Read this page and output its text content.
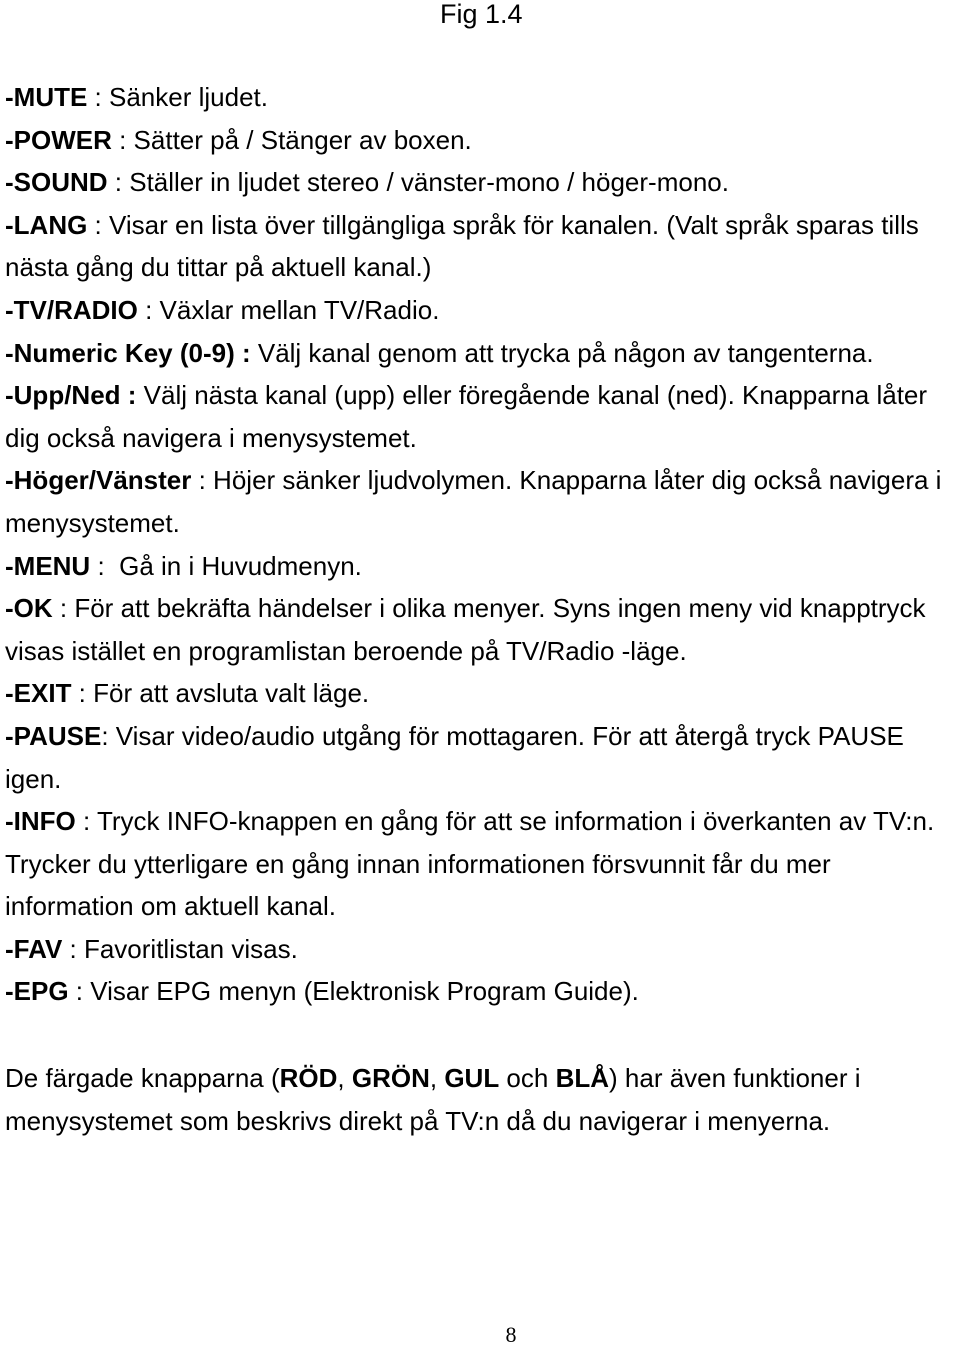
Fig 1.4

-MUTE : Sänker ljudet.

-POWER : Sätter på / Stänger av boxen.

-SOUND : Ställer in ljudet stereo / vänster-mono / höger-mono.

-LANG : Visar en lista över tillgängliga språk för kanalen. (Valt språk sparas tills nästa gång du tittar på aktuell kanal.)

-TV/RADIO : Växlar mellan TV/Radio.

-Numeric Key (0-9) : Välj kanal genom att trycka på någon av tangenterna.

-Upp/Ned : Välj nästa kanal (upp) eller föregående kanal (ned). Knapparna låter dig också navigera i menysystemet.

-Höger/Vänster : Höjer sänker ljudvolymen. Knapparna låter dig också navigera i menysystemet.

-MENU :  Gå in i Huvudmenyn.

-OK : För att bekräfta händelser i olika menyer. Syns ingen meny vid knapptryck visas istället en programlistan beroende på TV/Radio -läge.

-EXIT : För att avsluta valt läge.

-PAUSE: Visar video/audio utgång för mottagaren. För att återgå tryck PAUSE igen.

-INFO : Tryck INFO-knappen en gång för att se information i överkanten av TV:n. Trycker du ytterligare en gång innan informationen försvunnit får du mer information om aktuell kanal.

-FAV : Favoritlistan visas.

-EPG : Visar EPG menyn (Elektronisk Program Guide).

De färgade knapparna (RÖD, GRÖN, GUL och BLÅ) har även funktioner i menysystemet som beskrivs direkt på TV:n då du navigerar i menyerna.

8
